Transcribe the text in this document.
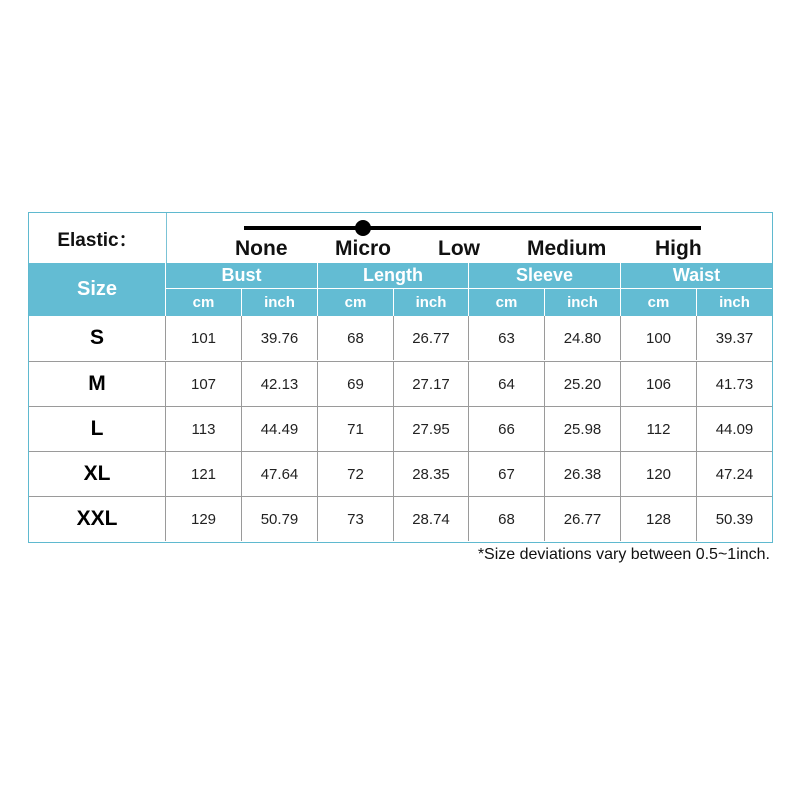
Elastic：	None Micro Low Medium High
Size
Bust	Length	Sleeve	Waist
cm	inch	cm	inch	cm	inch	cm	inch
S	101	39.76	68	26.77	63	24.80	100	39.37
M	107	42.13	69	27.17	64	25.20	106	41.73
L	113	44.49	71	27.95	66	25.98	112	44.09
XL	121	47.64	72	28.35	67	26.38	120	47.24
XXL	129	50.79	73	28.74	68	26.77	128	50.39
*Size deviations vary between 0.5~1inch.
